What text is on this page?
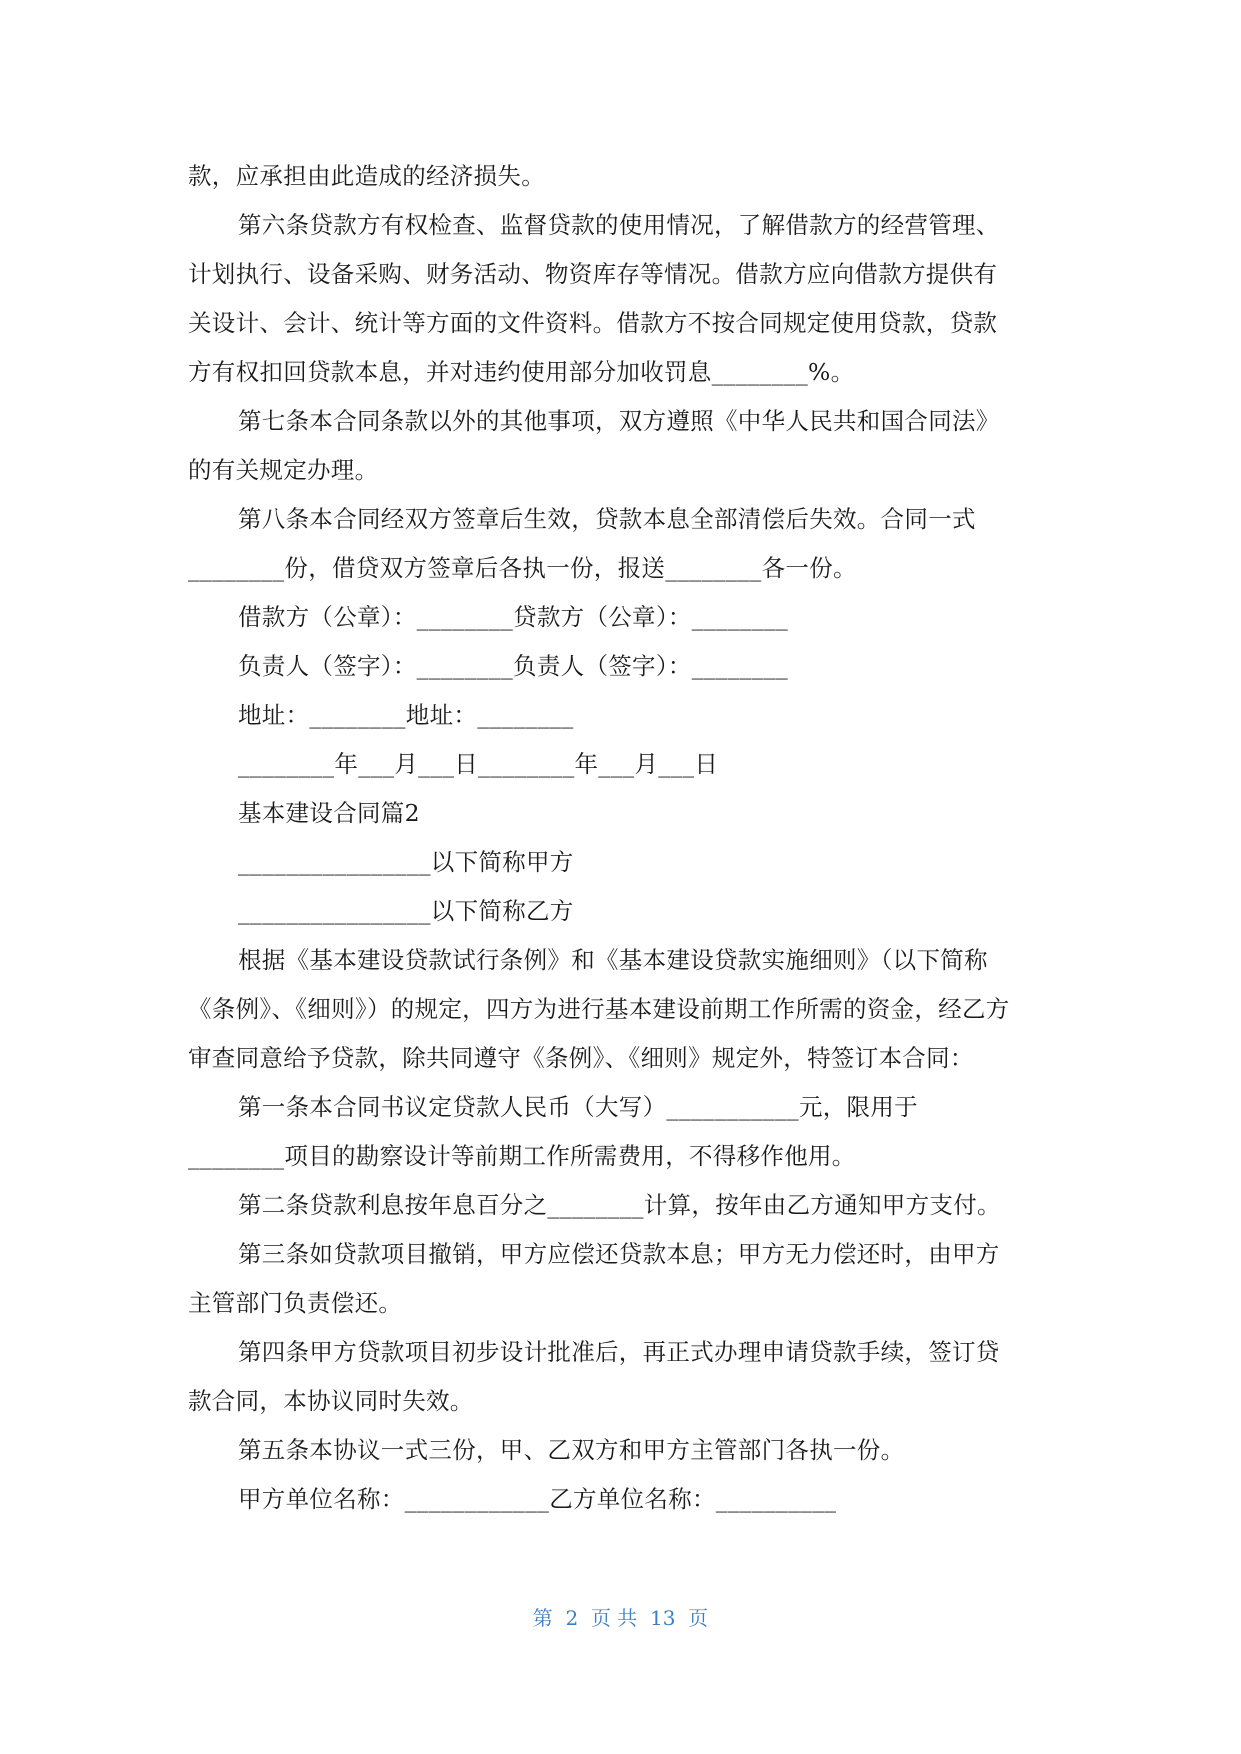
款，应承担由此造成的经济损失。
第六条贷款方有权检查、监督贷款的使用情况，了解借款方的经营管理、
计划执行、设备采购、财务活动、物资库存等情况。借款方应向借款方提供有
关设计、会计、统计等方面的文件资料。借款方不按合同规定使用贷款，贷款
方有权扣回贷款本息，并对违约使用部分加收罚息________%。
第七条本合同条款以外的其他事项，双方遵照《中华人民共和国合同法》
的有关规定办理。
第八条本合同经双方签章后生效，贷款本息全部清偿后失效。合同一式
________份，借贷双方签章后各执一份，报送________各一份。
借款方（公章）：________贷款方（公章）：________
负责人（签字）：________负责人（签字）：________
地址：________地址：________
________年___月___日________年___月___日
基本建设合同篇2
________________以下简称甲方
________________以下简称乙方
根据《基本建设贷款试行条例》和《基本建设贷款实施细则》（以下简称
《条例》、《细则》）的规定，四方为进行基本建设前期工作所需的资金，经乙方
审查同意给予贷款，除共同遵守《条例》、《细则》规定外，特签订本合同：
第一条本合同书议定贷款人民币（大写）___________元，限用于
________项目的勘察设计等前期工作所需费用，不得移作他用。
第二条贷款利息按年息百分之________计算，按年由乙方通知甲方支付。
第三条如贷款项目撤销，甲方应偿还贷款本息；甲方无力偿还时，由甲方
主管部门负责偿还。
第四条甲方贷款项目初步设计批准后，再正式办理申请贷款手续，签订贷
款合同，本协议同时失效。
第五条本协议一式三份，甲、乙双方和甲方主管部门各执一份。
甲方单位名称：____________乙方单位名称：__________
第  2  页 共  13  页
